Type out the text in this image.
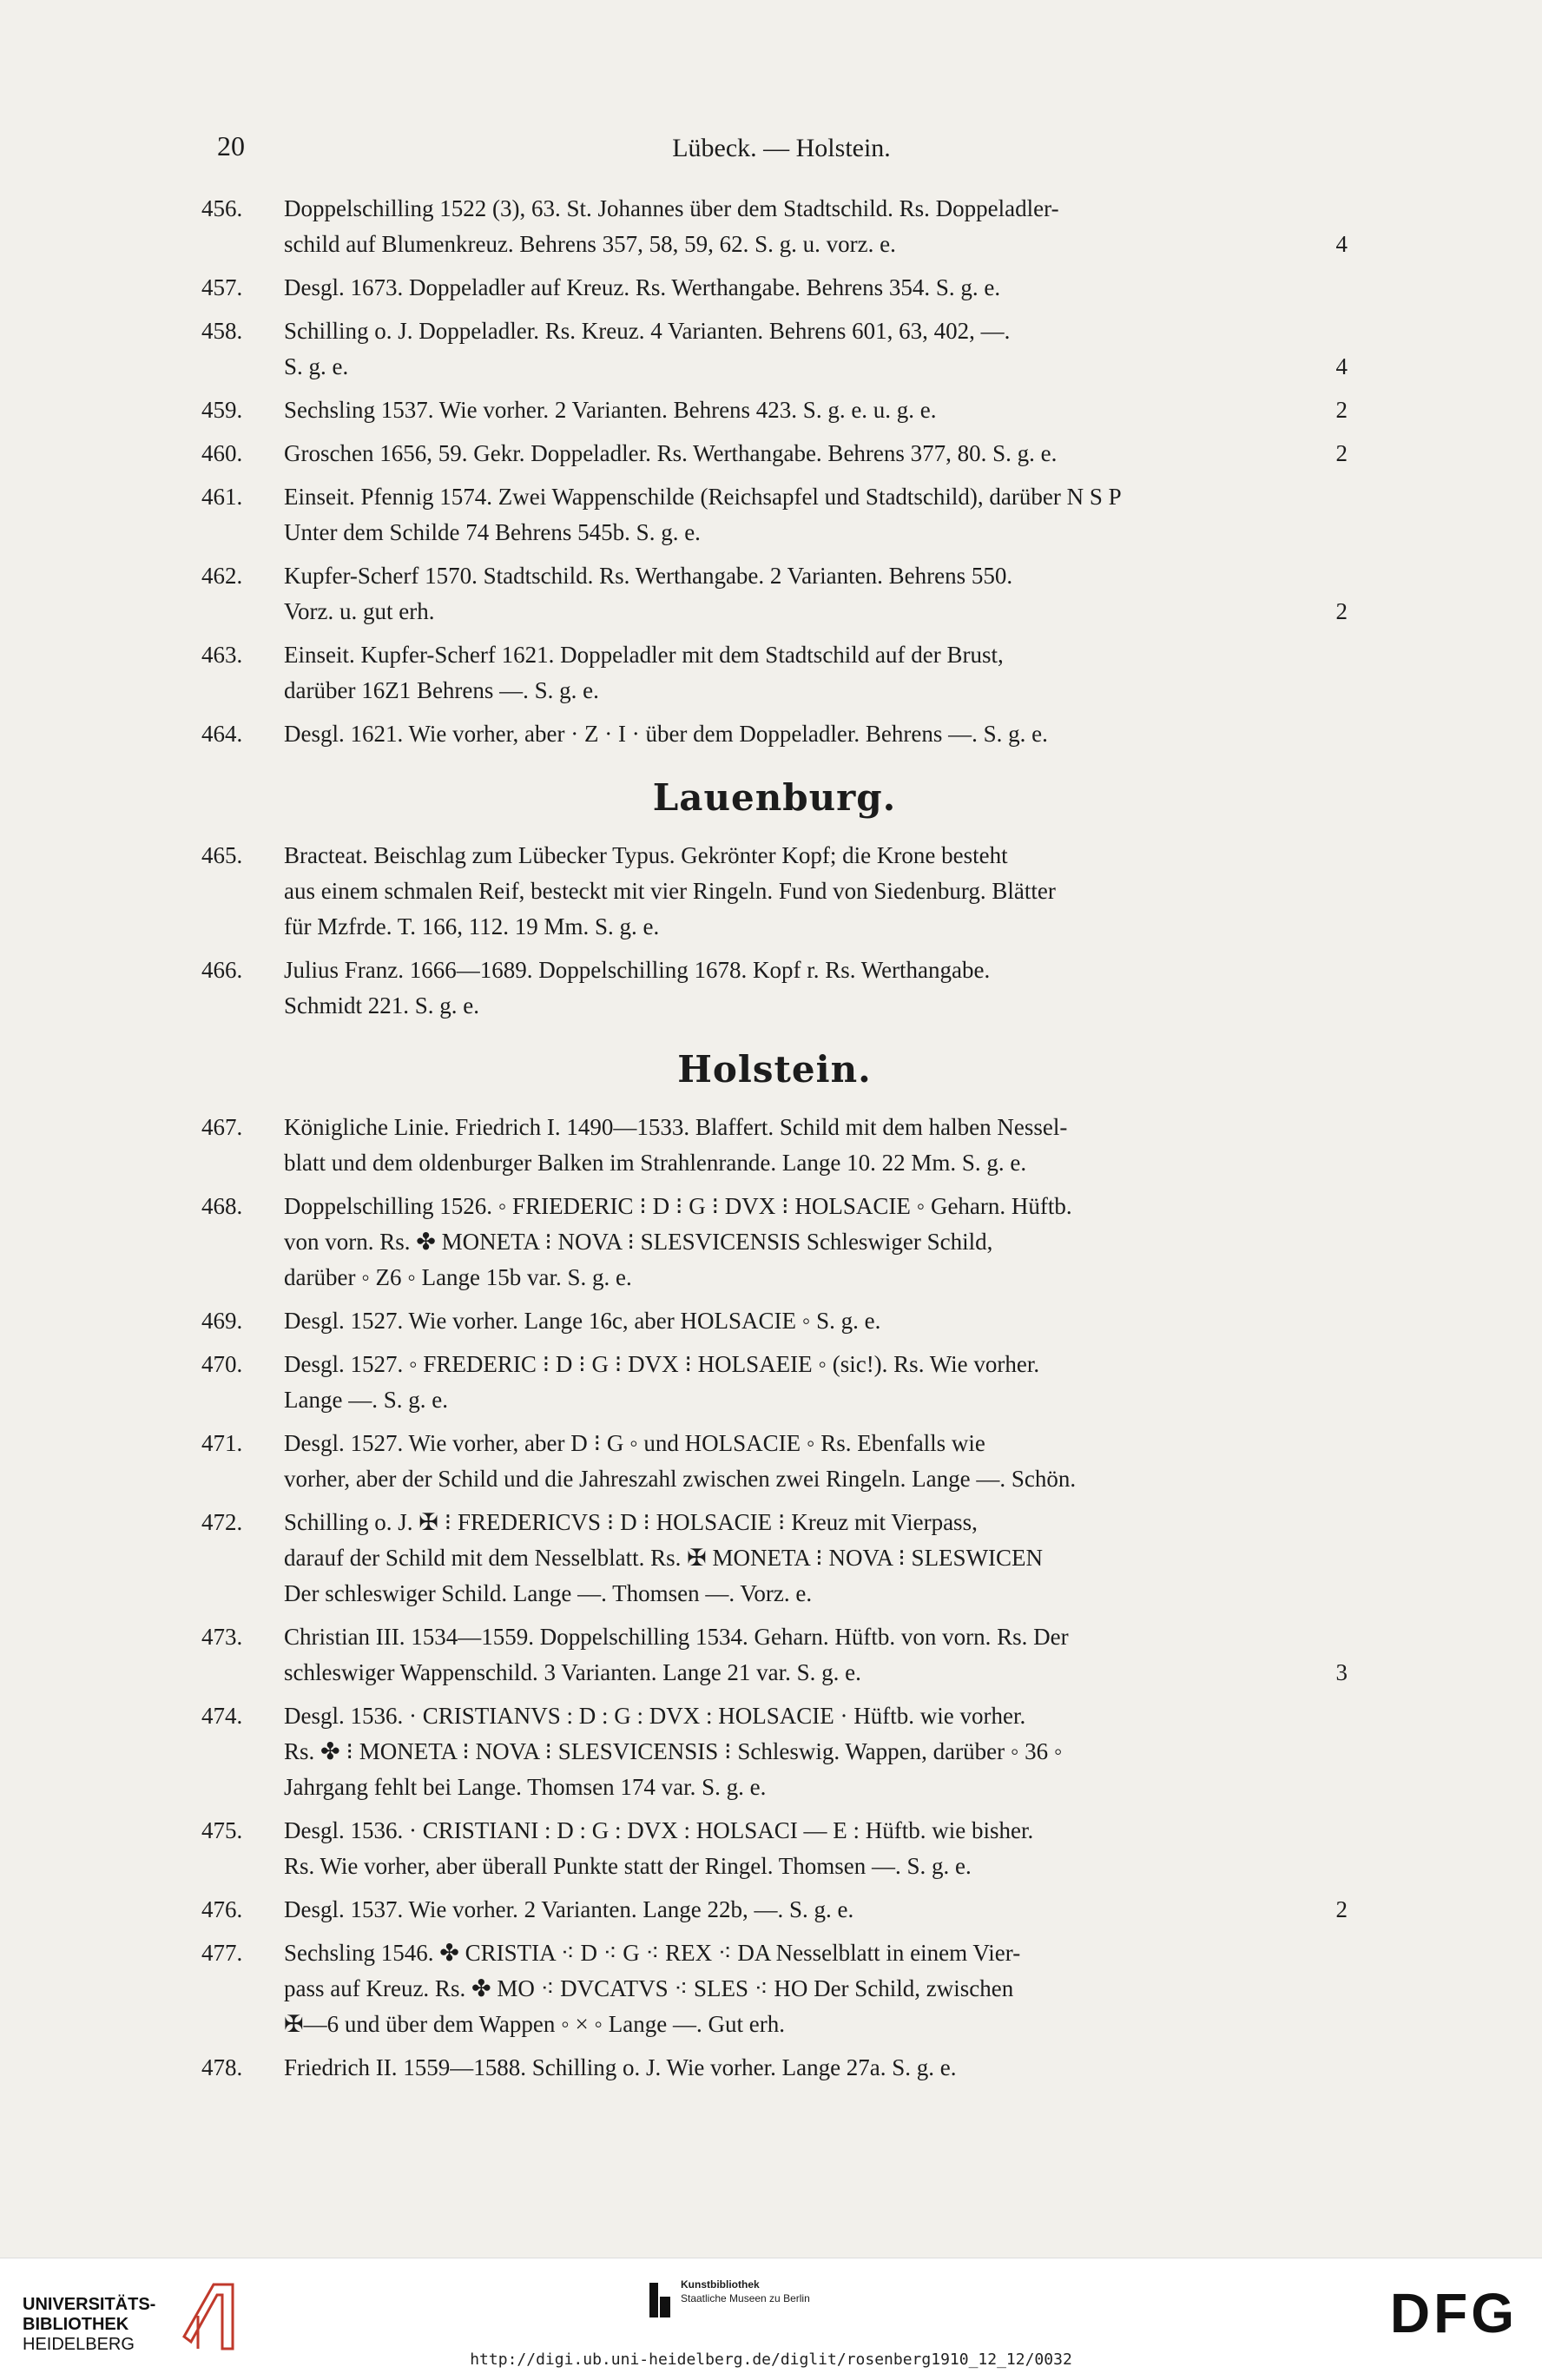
20	Lübeck. — Holstein.
456. Doppelschilling 1522 (3), 63. St. Johannes über dem Stadtschild. Rs. Doppeladler-
schild auf Blumenkreuz. Behrens 357, 58, 59, 62. S. g. u. vorz. e.	4
457. Desgl. 1673. Doppeladler auf Kreuz. Rs. Werthangabe. Behrens 354. S. g. e.
458. Schilling o. J. Doppeladler. Rs. Kreuz. 4 Varianten. Behrens 601, 63, 402, —.
S. g. e.	4
459. Sechsling 1537. Wie vorher. 2 Varianten. Behrens 423. S. g. e. u. g. e.	2
460. Groschen 1656, 59. Gekr. Doppeladler. Rs. Werthangabe. Behrens 377, 80. S. g. e.	2
461. Einseit. Pfennig 1574. Zwei Wappenschilde (Reichsapfel und Stadtschild), darüber N S P
Unter dem Schilde 74 Behrens 545b. S. g. e.
462. Kupfer-Scherf 1570. Stadtschild. Rs. Werthangabe. 2 Varianten. Behrens 550.
Vorz. u. gut erh.	2
463. Einseit. Kupfer-Scherf 1621. Doppeladler mit dem Stadtschild auf der Brust,
darüber 16Z1 Behrens —. S. g. e.
464. Desgl. 1621. Wie vorher, aber · Z · I · über dem Doppeladler. Behrens —. S. g. e.
Lauenburg.
465. Bracteat. Beischlag zum Lübecker Typus. Gekrönter Kopf; die Krone besteht
aus einem schmalen Reif, besteckt mit vier Ringeln. Fund von Siedenburg. Blätter
für Mzfrde. T. 166, 112. 19 Mm. S. g. e.
466. Julius Franz. 1666—1689. Doppelschilling 1678. Kopf r. Rs. Werthangabe.
Schmidt 221. S. g. e.
Holstein.
467. Königliche Linie. Friedrich I. 1490—1533. Blaffert. Schild mit dem halben Nessel-
blatt und dem oldenburger Balken im Strahlenrande. Lange 10. 22 Mm. S. g. e.
468. Doppelschilling 1526. ◦ FRIEDERIC ⁝ D ⁝ G ⁝ DVX ⁝ HOLSACIE ◦ Geharn. Hüftb.
von vorn. Rs. ✤ MONETA ⁝ NOVA ⁝ SLESVICENSIS Schleswiger Schild,
darüber ◦ Z6 ◦ Lange 15b var. S. g. e.
469. Desgl. 1527. Wie vorher. Lange 16c, aber HOLSACIE ◦ S. g. e.
470. Desgl. 1527. ◦ FREDERIC ⁝ D ⁝ G ⁝ DVX ⁝ HOLSAEIE ◦ (sic!). Rs. Wie vorher.
Lange —. S. g. e.
471. Desgl. 1527. Wie vorher, aber D ⁝ G ◦ und HOLSACIE ◦ Rs. Ebenfalls wie
vorher, aber der Schild und die Jahreszahl zwischen zwei Ringeln. Lange —. Schön.
472. Schilling o. J. ✠ ⁝ FREDERICVS ⁝ D ⁝ HOLSACIE ⁝ Kreuz mit Vierpass,
darauf der Schild mit dem Nesselblatt. Rs. ✠ MONETA ⁝ NOVA ⁝ SLESWICEN
Der schleswiger Schild. Lange —. Thomsen —. Vorz. e.
473. Christian III. 1534—1559. Doppelschilling 1534. Geharn. Hüftb. von vorn. Rs. Der
schleswiger Wappenschild. 3 Varianten. Lange 21 var. S. g. e.	3
474. Desgl. 1536. · CRISTIANVS : D : G : DVX : HOLSACIE · Hüftb. wie vorher.
Rs. ✤ ⁝ MONETA ⁝ NOVA ⁝ SLESVICENSIS ⁝ Schleswig. Wappen, darüber ◦ 36 ◦
Jahrgang fehlt bei Lange. Thomsen 174 var. S. g. e.
475. Desgl. 1536. · CRISTIANI : D : G : DVX : HOLSACI — E : Hüftb. wie bisher.
Rs. Wie vorher, aber überall Punkte statt der Ringel. Thomsen —. S. g. e.
476. Desgl. 1537. Wie vorher. 2 Varianten. Lange 22b, —. S. g. e.	2
477. Sechsling 1546. ✤ CRISTIA ⁖ D ⁖ G ⁖ REX ⁖ DA Nesselblatt in einem Vier-
pass auf Kreuz. Rs. ✤ MO ⁖ DVCATVS ⁖ SLES ⁖ HO Der Schild, zwischen
✠—6 und über dem Wappen ◦ × ◦ Lange —. Gut erh.
478. Friedrich II. 1559—1588. Schilling o. J. Wie vorher. Lange 27a. S. g. e.
UNIVERSITÄTS-
BIBLIOTHEK
HEIDELBERG
Kunstbibliothek
Staatliche Museen zu Berlin	DFG
http://digi.ub.uni-heidelberg.de/diglit/rosenberg1910_12_12/0032
